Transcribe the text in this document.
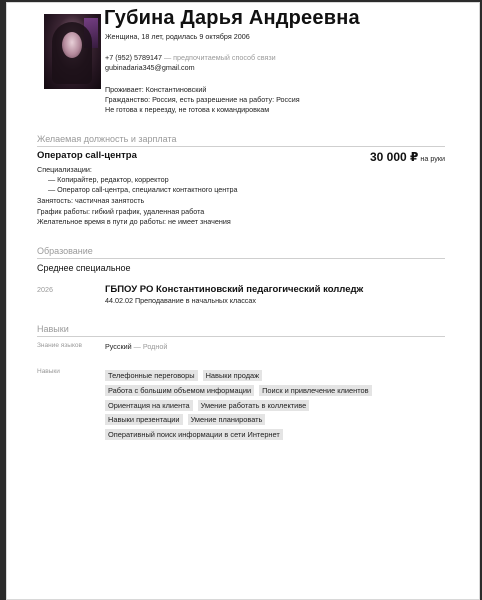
Губина Дарья Андреевна
Женщина, 18 лет, родилась 9 октября 2006
+7 (952) 5789147 — предпочитаемый способ связи
gubinadaria345@gmail.com
Проживает: Константиновский
Гражданство: Россия, есть разрешение на работу: Россия
Не готова к переезду, не готова к командировкам
Желаемая должность и зарплата
Оператор call-центра	30 000 ₽ на руки
Специализации:
— Копирайтер, редактор, корректор
— Оператор call-центра, специалист контактного центра
Занятость: частичная занятость
График работы: гибкий график, удаленная работа
Желательное время в пути до работы: не имеет значения
Образование
Среднее специальное
2026	ГБПОУ РО Константиновский педагогический колледж
44.02.02 Преподавание в начальных классах
Навыки
Знание языков	Русский — Родной
Навыки	Телефонные переговоры Навыки продаж
Работа с большим объемом информации Поиск и привлечение клиентов
Ориентация на клиента Умение работать в коллективе
Навыки презентации Умение планировать
Оперативный поиск информации в сети Интернет
